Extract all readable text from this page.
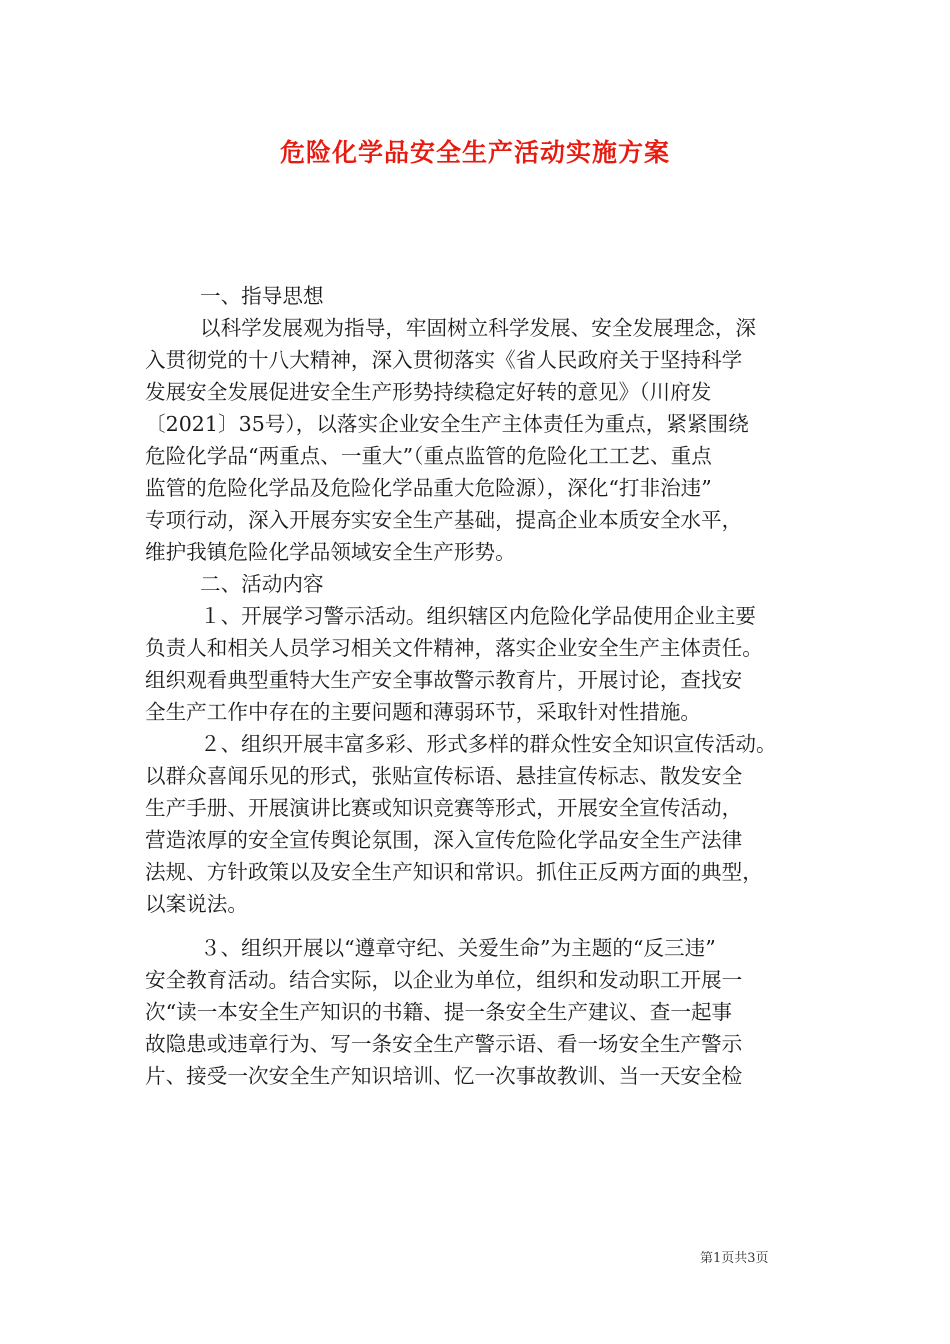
危险化学品安全生产活动实施方案

一、指导思想

以科学发展观为指导，牢固树立科学发展、安全发展理念，深

入贯彻党的十八大精神，深入贯彻落实《省人民政府关于坚持科学

发展安全发展促进安全生产形势持续稳定好转的意见》（川府发

〔2021〕35号），以落实企业安全生产主体责任为重点，紧紧围绕

危险化学品“两重点、一重大”（重点监管的危险化工工艺、重点

监管的危险化学品及危险化学品重大危险源），深化“打非治违”

专项行动，深入开展夯实安全生产基础，提高企业本质安全水平，

维护我镇危险化学品领域安全生产形势。

二、活动内容

１、开展学习警示活动。组织辖区内危险化学品使用企业主要

负责人和相关人员学习相关文件精神，落实企业安全生产主体责任。

组织观看典型重特大生产安全事故警示教育片，开展讨论，查找安

全生产工作中存在的主要问题和薄弱环节，采取针对性措施。

２、组织开展丰富多彩、形式多样的群众性安全知识宣传活动。

以群众喜闻乐见的形式，张贴宣传标语、悬挂宣传标志、散发安全

生产手册、开展演讲比赛或知识竞赛等形式，开展安全宣传活动，

营造浓厚的安全宣传舆论氛围，深入宣传危险化学品安全生产法律

法规、方针政策以及安全生产知识和常识。抓住正反两方面的典型，

以案说法。

３、组织开展以“遵章守纪、关爱生命”为主题的“反三违”

安全教育活动。结合实际，以企业为单位，组织和发动职工开展一

次“读一本安全生产知识的书籍、提一条安全生产建议、查一起事

故隐患或违章行为、写一条安全生产警示语、看一场安全生产警示

片、接受一次安全生产知识培训、忆一次事故教训、当一天安全检

第1页共3页
